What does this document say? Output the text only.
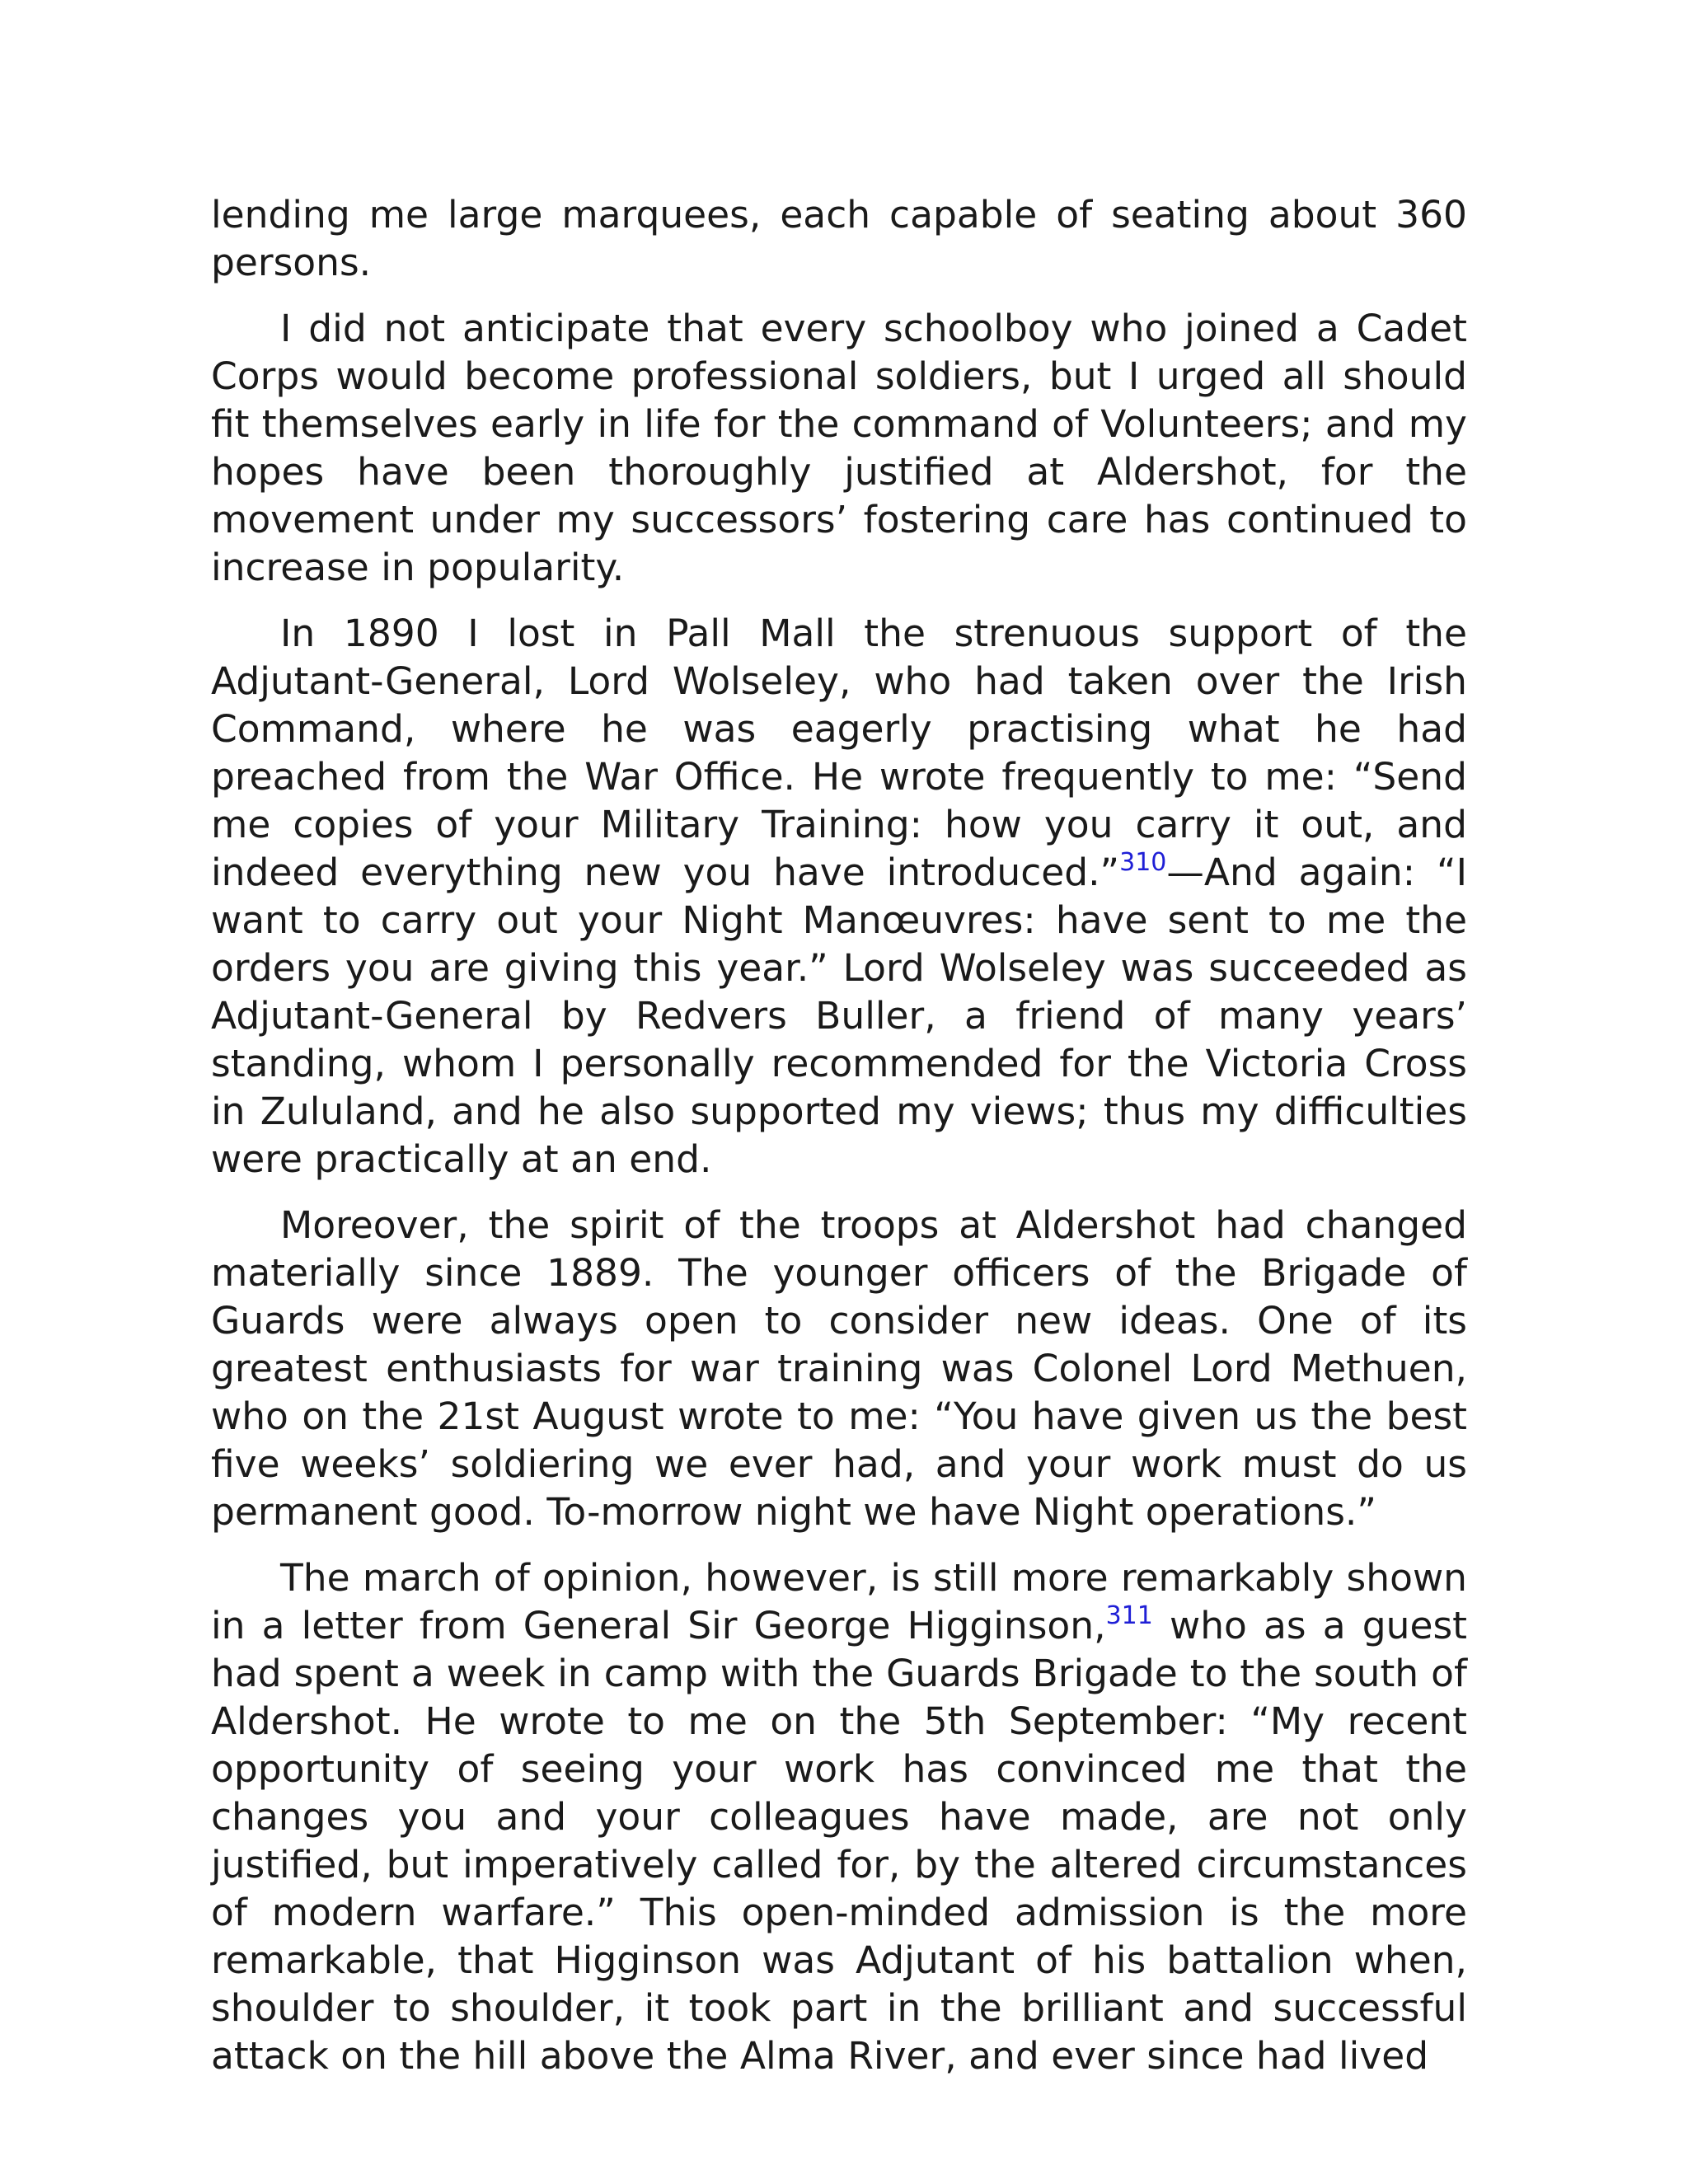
lending me large marquees, each capable of seating about 360 persons.

I did not anticipate that every schoolboy who joined a Cadet Corps would become professional soldiers, but I urged all should fit themselves early in life for the command of Volunteers; and my hopes have been thoroughly justified at Aldershot, for the movement under my successors’ fostering care has continued to increase in popularity.

In 1890 I lost in Pall Mall the strenuous support of the Adjutant-General, Lord Wolseley, who had taken over the Irish Command, where he was eagerly practising what he had preached from the War Office. He wrote frequently to me: “Send me copies of your Military Training: how you carry it out, and indeed everything new you have introduced.”$^{310}$—And again: “I want to carry out your Night Manœuvres: have sent to me the orders you are giving this year.” Lord Wolseley was succeeded as Adjutant-General by Redvers Buller, a friend of many years’ standing, whom I personally recommended for the Victoria Cross in Zululand, and he also supported my views; thus my difficulties were practically at an end.

Moreover, the spirit of the troops at Aldershot had changed materially since 1889. The younger officers of the Brigade of Guards were always open to consider new ideas. One of its greatest enthusiasts for war training was Colonel Lord Methuen, who on the 21st August wrote to me: “You have given us the best five weeks’ soldiering we ever had, and your work must do us permanent good. To-morrow night we have Night operations.”

The march of opinion, however, is still more remarkably shown in a letter from General Sir George Higginson,$^{311}$ who as a guest had spent a week in camp with the Guards Brigade to the south of Aldershot. He wrote to me on the 5th September: “My recent opportunity of seeing your work has convinced me that the changes you and your colleagues have made, are not only justified, but imperatively called for, by the altered circumstances of modern warfare.” This open-minded admission is the more remarkable, that Higginson was Adjutant of his battalion when, shoulder to shoulder, it took part in the brilliant and successful attack on the hill above the Alma River, and ever since had lived
